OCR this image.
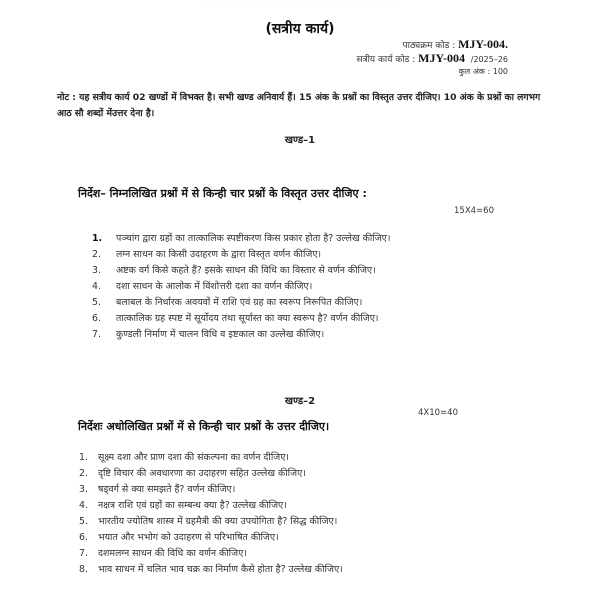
(सत्रीय कार्य)
पाठ्यक्रम कोड : MJY-004.
सत्रीय कार्य कोड : MJY-004 /2025–26
कुल अंक : 100
नोट : यह सत्रीय कार्य 02 खण्डों में विभक्त है। सभी खण्ड अनिवार्य हैं। 15 अंक के प्रश्नों का विस्तृत उत्तर दीजिए। 10 अंक के प्रश्नों का लगभग आठ सौ शब्दों मेंउत्तर देना है।
खण्ड–1
निर्देश– निम्नलिखित प्रश्नों में से किन्ही चार प्रश्नों के विस्तृत उत्तर दीजिए :
15X4=60
1. पञ्चांग द्वारा ग्रहों का तात्कालिक स्पष्टीकरण किस प्रकार होता है? उल्लेख कीजिए।
2. लग्न साधन का किसी उदाहरण के द्वारा विस्तृत वर्णन कीजिए।
3. अष्टक वर्ग किसे कहते हैं? इसके साधन की विधि का विस्तार से वर्णन कीजिए।
4. दशा साधन के आलोक में विंशोत्तरी दशा का वर्णन कीजिए।
5. बलाबल के निर्धारक अवयवों में राशि एवं ग्रह का स्वरूप निरूपित कीजिए।
6. तात्कालिक ग्रह स्पष्ट में सूर्योदय तथा सूर्यास्त का क्या स्वरूप है? वर्णन कीजिए।
7. कुण्डली निर्माण में चालन विधि व इष्टकाल का उल्लेख कीजिए।
खण्ड–2
4X10=40
निर्देशः अधोलिखित प्रश्नों में से किन्ही चार प्रश्नों के उत्तर दीजिए।
1. सूक्ष्म दशा और प्राण दशा की संकल्पना का वर्णन दीजिए।
2. दृष्टि विचार की अवधारणा का उदाहरण सहित उल्लेख कीजिए।
3. षड्वर्ग से क्या समझते हैं? वर्णन कीजिए।
4. नक्षत्र राशि एवं ग्रहों का सम्बन्ध क्या है? उल्लेख कीजिए।
5. भारतीय ज्योतिष शास्त्र में ग्रहमैत्री की क्या उपयोगिता है? सिद्ध कीजिए।
6. भयात और भभोग को उदाहरण से परिभाषित कीजिए।
7. दशमलग्न साधन की विधि का वर्णन कीजिए।
8. भाव साधन में चलित भाव चक्र का निर्माण कैसे होता है? उल्लेख कीजिए।
